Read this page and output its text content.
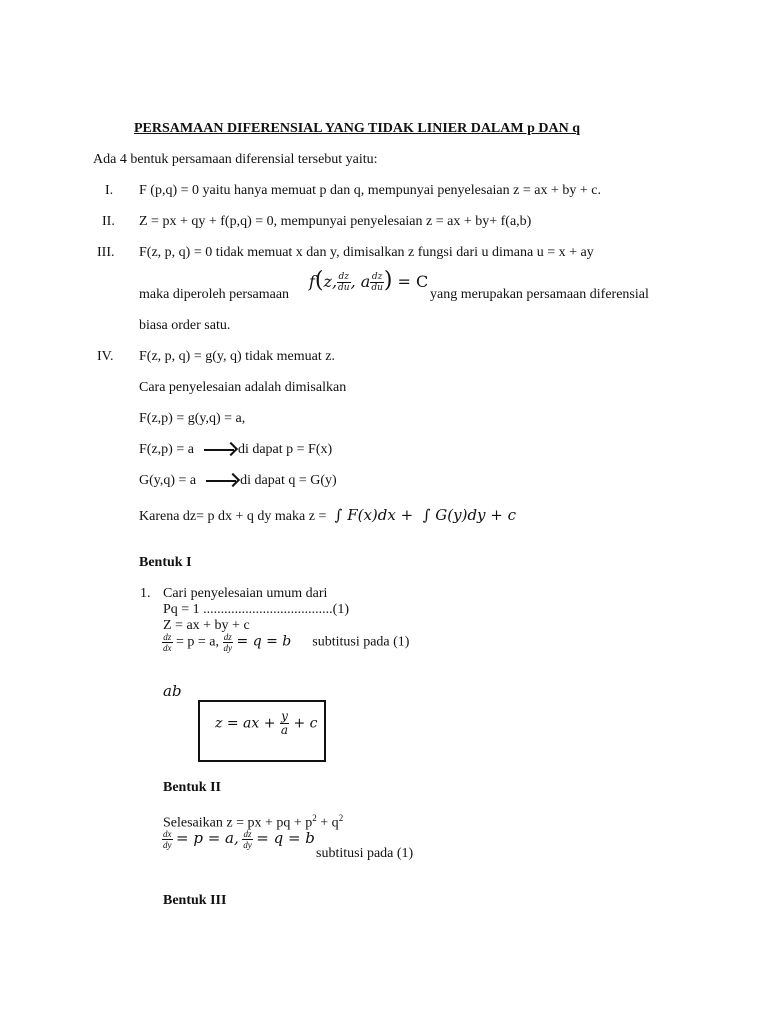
PERSAMAAN DIFERENSIAL YANG TIDAK LINIER DALAM p DAN q
Ada 4 bentuk persamaan diferensial tersebut yaitu:
I. F (p,q) = 0 yaitu hanya memuat p dan q, mempunyai penyelesaian z = ax + by + c.
II. Z = px + qy + f(p,q) = 0, mempunyai penyelesaian z = ax + by+ f(a,b)
III. F(z, p, q) = 0 tidak memuat x dan y, dimisalkan z fungsi dari u dimana u = x + ay
maka diperoleh persamaan
f(z, $\frac{dz}{du}$ , a $\frac{dz}{du}$ ) = C
yang merupakan persamaan diferensial
biasa order satu.
IV. F(z, p, q) = g(y, q) tidak memuat z.
Cara penyelesaian adalah dimisalkan
F(z,p) = g(y,q) = a,
F(z,p) = a	di dapat p = F(x)
G(y,q) = a	di dapat q = G(y)
Karena dz= p dx + q dy maka z =  ∫ F(x)dx +  ∫ G(y)dy + c
Bentuk I
1. Cari penyelesaian umum dari
Pq = 1 .....................................(1)
Z = ax + by + c
$\frac{dz}{dx} = p = a$, $\frac{dz}{dy} = q = b$ subtitusi pada (1)
ab
z = ax + $\frac{y}{a} + c$
Bentuk II
Selesaikan z = px + pq + $p^2 + q^2$
$\frac{dx}{dy} = p = a$, $\frac{dz}{dy} = q = b$
subtitusi pada (1)
Bentuk III
